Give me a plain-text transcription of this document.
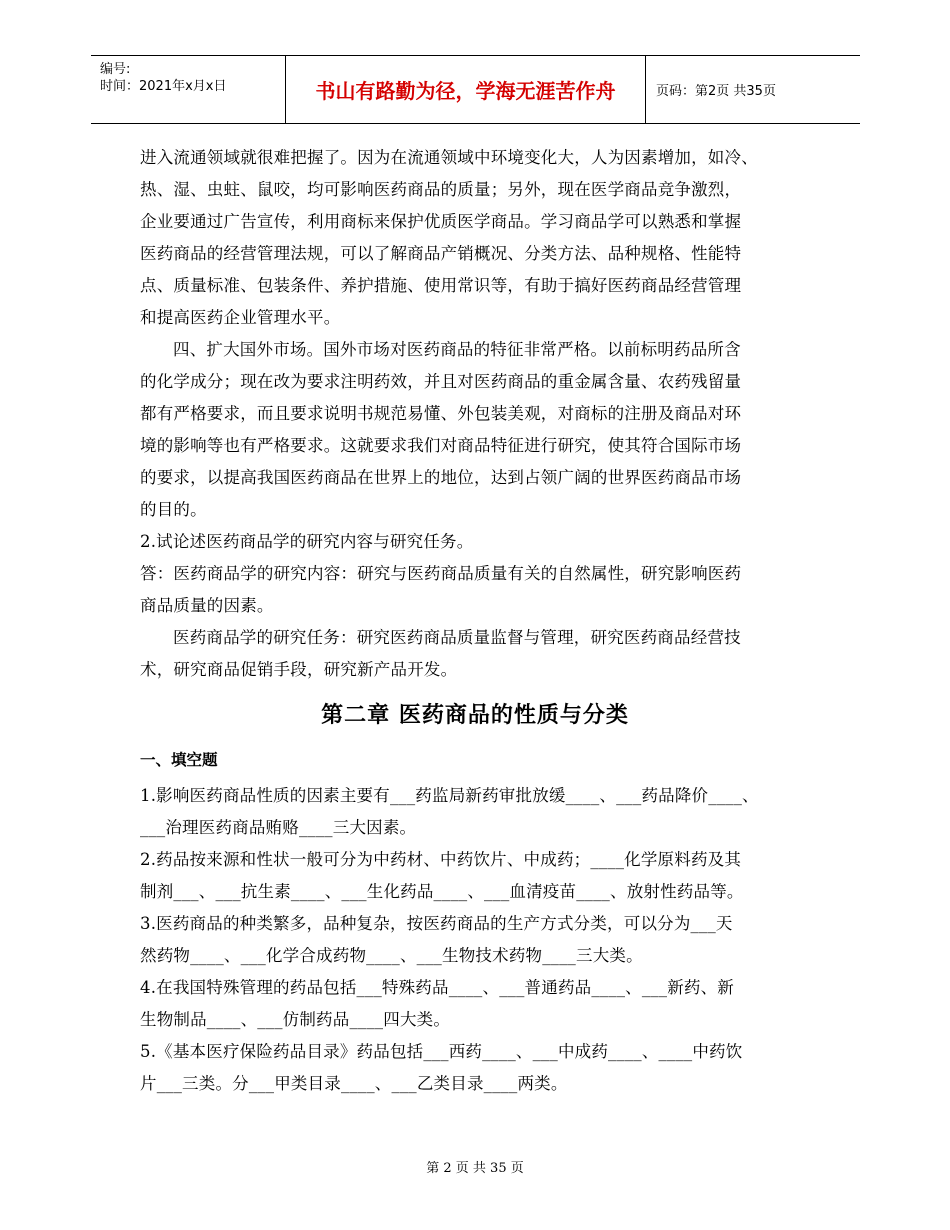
编号:
时间：2021年x月x日	书山有路勤为径，学海无涯苦作舟	页码：第2页 共35页
进入流通领域就很难把握了。因为在流通领域中环境变化大，人为因素增加，如冷、
热、湿、虫蛀、鼠咬，均可影响医药商品的质量；另外，现在医学商品竞争激烈，
企业要通过广告宣传，利用商标来保护优质医学商品。学习商品学可以熟悉和掌握
医药商品的经营管理法规，可以了解商品产销概况、分类方法、品种规格、性能特
点、质量标准、包装条件、养护措施、使用常识等，有助于搞好医药商品经营管理
和提高医药企业管理水平。
四、扩大国外市场。国外市场对医药商品的特征非常严格。以前标明药品所含
的化学成分；现在改为要求注明药效，并且对医药商品的重金属含量、农药残留量
都有严格要求，而且要求说明书规范易懂、外包装美观，对商标的注册及商品对环
境的影响等也有严格要求。这就要求我们对商品特征进行研究，使其符合国际市场
的要求，以提高我国医药商品在世界上的地位，达到占领广阔的世界医药商品市场
的目的。
2.试论述医药商品学的研究内容与研究任务。
答：医药商品学的研究内容：研究与医药商品质量有关的自然属性，研究影响医药
商品质量的因素。
医药商品学的研究任务：研究医药商品质量监督与管理，研究医药商品经营技
术，研究商品促销手段，研究新产品开发。
第二章 医药商品的性质与分类
一、填空题
1.影响医药商品性质的因素主要有___药监局新药审批放缓____、___药品降价____、
___治理医药商品贿赂____三大因素。
2.药品按来源和性状一般可分为中药材、中药饮片、中成药；____化学原料药及其
制剂___、___抗生素____、___生化药品____、___血清疫苗____、放射性药品等。
3.医药商品的种类繁多，品种复杂，按医药商品的生产方式分类，可以分为___天
然药物____、___化学合成药物____、___生物技术药物____三大类。
4.在我国特殊管理的药品包括___特殊药品____、___普通药品____、___新药、新
生物制品____、___仿制药品____四大类。
5.《基本医疗保险药品目录》药品包括___西药____、___中成药____、____中药饮
片___三类。分___甲类目录____、___乙类目录____两类。
第 2 页 共 35 页
